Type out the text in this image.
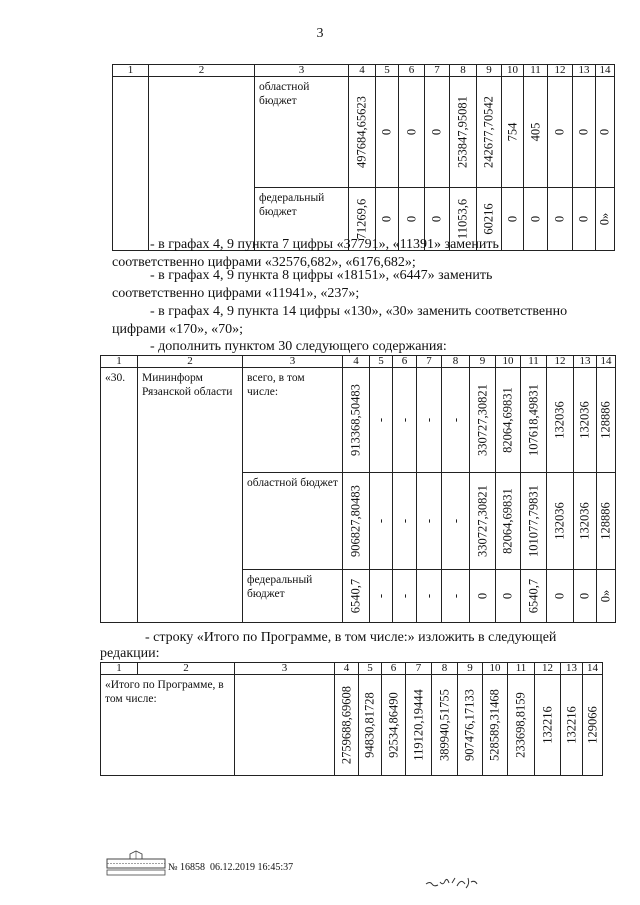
3
1	2	3	4	5	6	7	8	9	10	11	12	13	14

		областной бюджет	497684,65623	0	0	0	253847,95081	242677,70542	754	405	0	0	0

		федеральный бюджет	71269,6	0	0	0	11053,6	60216	0	0	0	0	0»
- в графах 4, 9 пункта 7 цифры «37791», «11391» заменить
соответственно цифрами «32576,682», «6176,682»;
- в графах 4, 9 пункта 8 цифры «18151», «6447» заменить
соответственно цифрами «11941», «237»;
- в графах 4, 9 пункта 14 цифры «130», «30» заменить соответственно
цифрами «170», «70»;
- дополнить пунктом 30 следующего содержания:
1	2	3	4	5	6	7	8	9	10	11	12	13	14

«30.	Мининформ Рязанской области	всего, в том числе:	913368,50483	-	-	-	-	330727,30821	82064,69831	107618,49831	132036	132036	128886

		областной бюджет	906827,80483	-	-	-	-	330727,30821	82064,69831	101077,79831	132036	132036	128886

		федеральный бюджет	6540,7	-	-	-	-	0	0	6540,7	0	0	0»
- строку «Итого по Программе, в том числе:» изложить в следующей
редакции:
1	2	3	4	5	6	7	8	9	10	11	12	13	14

«Итого по Программе, в том числе:			2759688,69608	94830,81728	92534,86490	119120,19444	389940,51755	907476,17133	528589,31468	233698,8159	132216	132216	129066
№ 16858 06.12.2019 16:45:37
